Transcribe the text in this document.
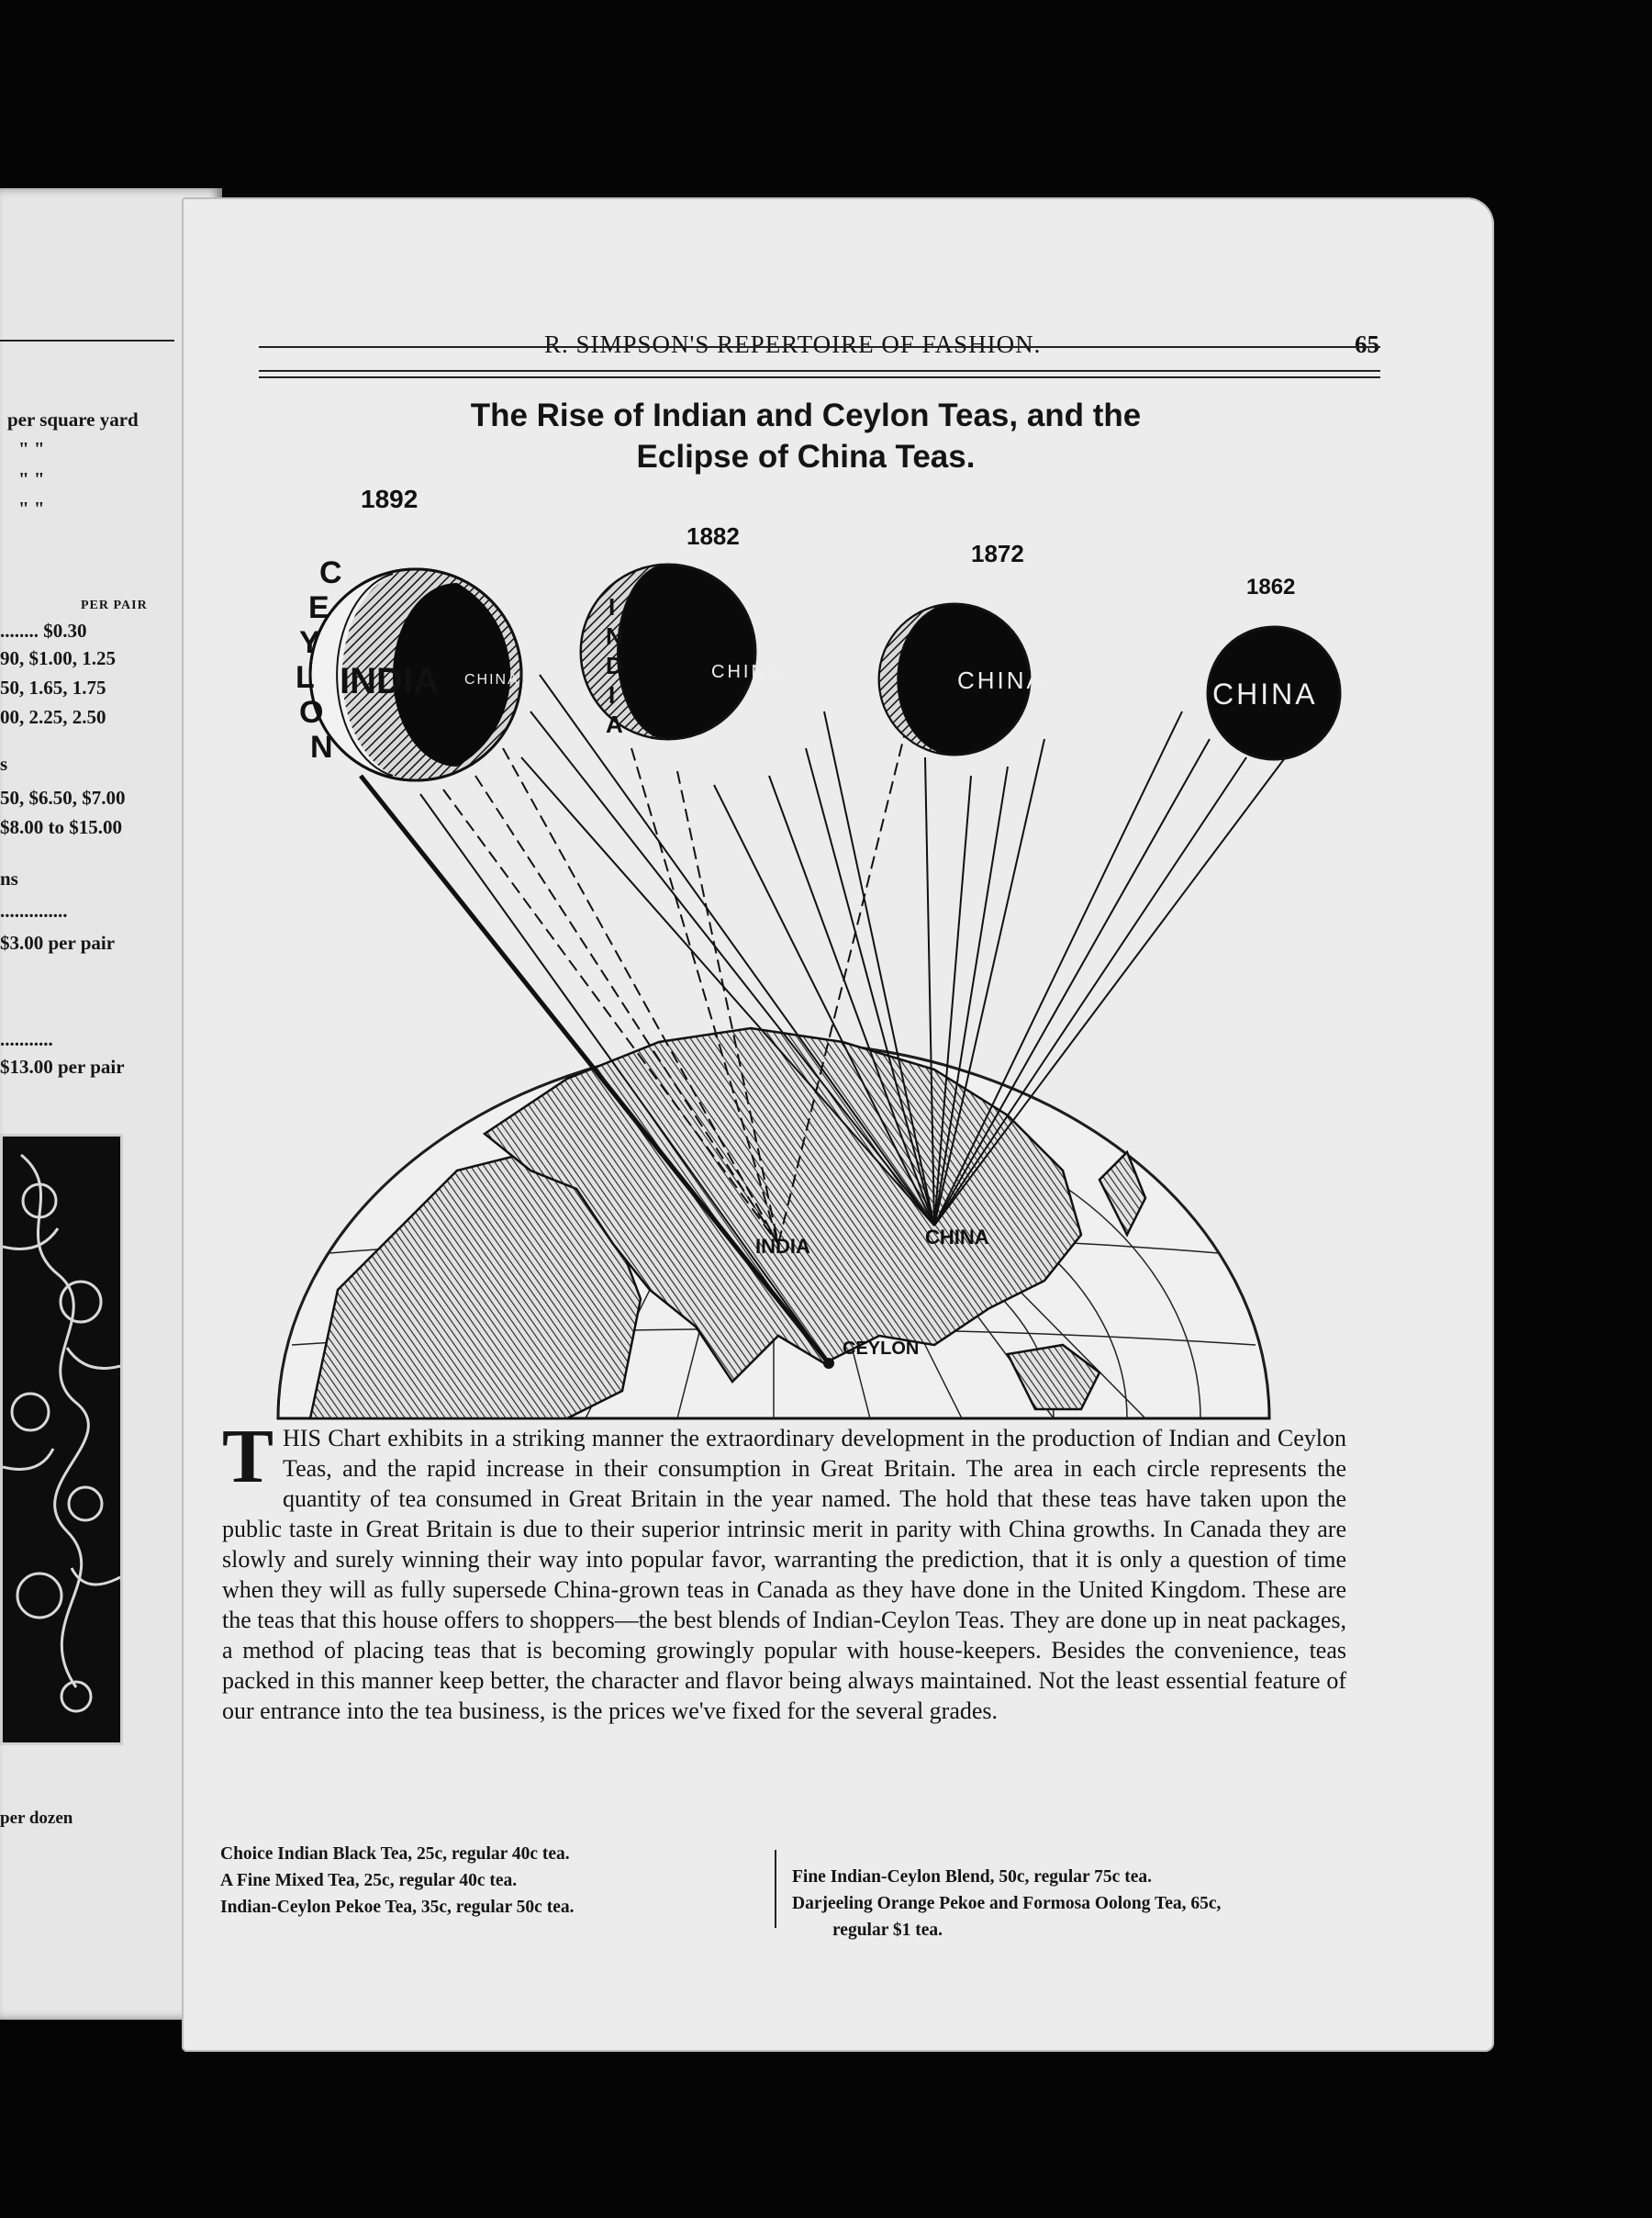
per square yard
" "
" "
" "
PER PAIR
........ $0.30
90, $1.00, 1.25
50, 1.65, 1.75
00, 2.25, 2.50
s
50, $6.50, $7.00
$8.00 to $15.00
ns
..............
$3.00 per pair
...........
$13.00 per pair
per dozen
R. SIMPSON'S REPERTOIRE OF FASHION.	65
The Rise of Indian and Ceylon Teas, and the
Eclipse of China Teas.
INDIA	CHINA
CEYLON
C E Y L O N
INDIA CHINA
I N D I A
CHINA	CHINA	CHINA
1892
1882
1872
1862
THIS Chart exhibits in a striking manner the extraordinary development in the production of Indian and Ceylon Teas, and the rapid increase in their consumption in Great Britain. The area in each circle represents the quantity of tea consumed in Great Britain in the year named. The hold that these teas have taken upon the public taste in Great Britain is due to their superior intrinsic merit in parity with China growths. In Canada they are slowly and surely winning their way into popular favor, warranting the prediction, that it is only a question of time when they will as fully supersede China-grown teas in Canada as they have done in the United Kingdom. These are the teas that this house offers to shoppers—the best blends of Indian-Ceylon Teas. They are done up in neat packages, a method of placing teas that is becoming growingly popular with house-keepers. Besides the convenience, teas packed in this manner keep better, the character and flavor being always maintained. Not the least essential feature of our entrance into the tea business, is the prices we've fixed for the several grades.
Choice Indian Black Tea, 25c, regular 40c tea.
A Fine Mixed Tea, 25c, regular 40c tea.
Indian-Ceylon Pekoe Tea, 35c, regular 50c tea.
Fine Indian-Ceylon Blend, 50c, regular 75c tea.
Darjeeling Orange Pekoe and Formosa Oolong Tea, 65c,
regular $1 tea.
